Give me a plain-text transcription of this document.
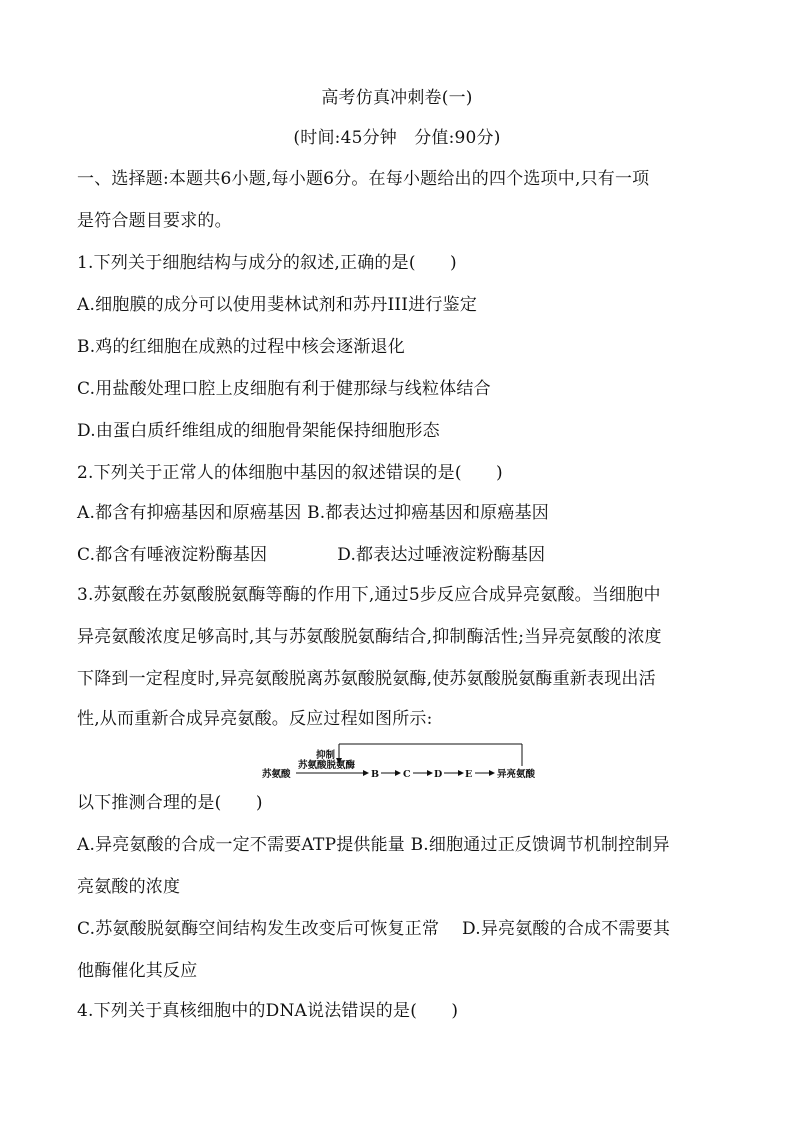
高考仿真冲刺卷(一)
(时间:45分钟　分值:90分)
一、选择题:本题共6小题,每小题6分。在每小题给出的四个选项中,只有一项
是符合题目要求的。
1.下列关于细胞结构与成分的叙述,正确的是(　　)
A.细胞膜的成分可以使用斐林试剂和苏丹III进行鉴定
B.鸡的红细胞在成熟的过程中核会逐渐退化
C.用盐酸处理口腔上皮细胞有利于健那绿与线粒体结合
D.由蛋白质纤维组成的细胞骨架能保持细胞形态
2.下列关于正常人的体细胞中基因的叙述错误的是(　　)
A.都含有抑癌基因和原癌基因 B.都表达过抑癌基因和原癌基因
C.都含有唾液淀粉酶基因	D.都表达过唾液淀粉酶基因
3.苏氨酸在苏氨酸脱氨酶等酶的作用下,通过5步反应合成异亮氨酸。当细胞中
异亮氨酸浓度足够高时,其与苏氨酸脱氨酶结合,抑制酶活性;当异亮氨酸的浓度
下降到一定程度时,异亮氨酸脱离苏氨酸脱氨酶,使苏氨酸脱氨酶重新表现出活
性,从而重新合成异亮氨酸。反应过程如图所示:
抑制
苏氨酸
苏氨酸脱氨酶
B	C D E	异亮氨酸
以下推测合理的是(　　)
A.异亮氨酸的合成一定不需要ATP提供能量 B.细胞通过正反馈调节机制控制异
亮氨酸的浓度
C.苏氨酸脱氨酶空间结构发生改变后可恢复正常　 D.异亮氨酸的合成不需要其
他酶催化其反应
4.下列关于真核细胞中的DNA说法错误的是(　　)
